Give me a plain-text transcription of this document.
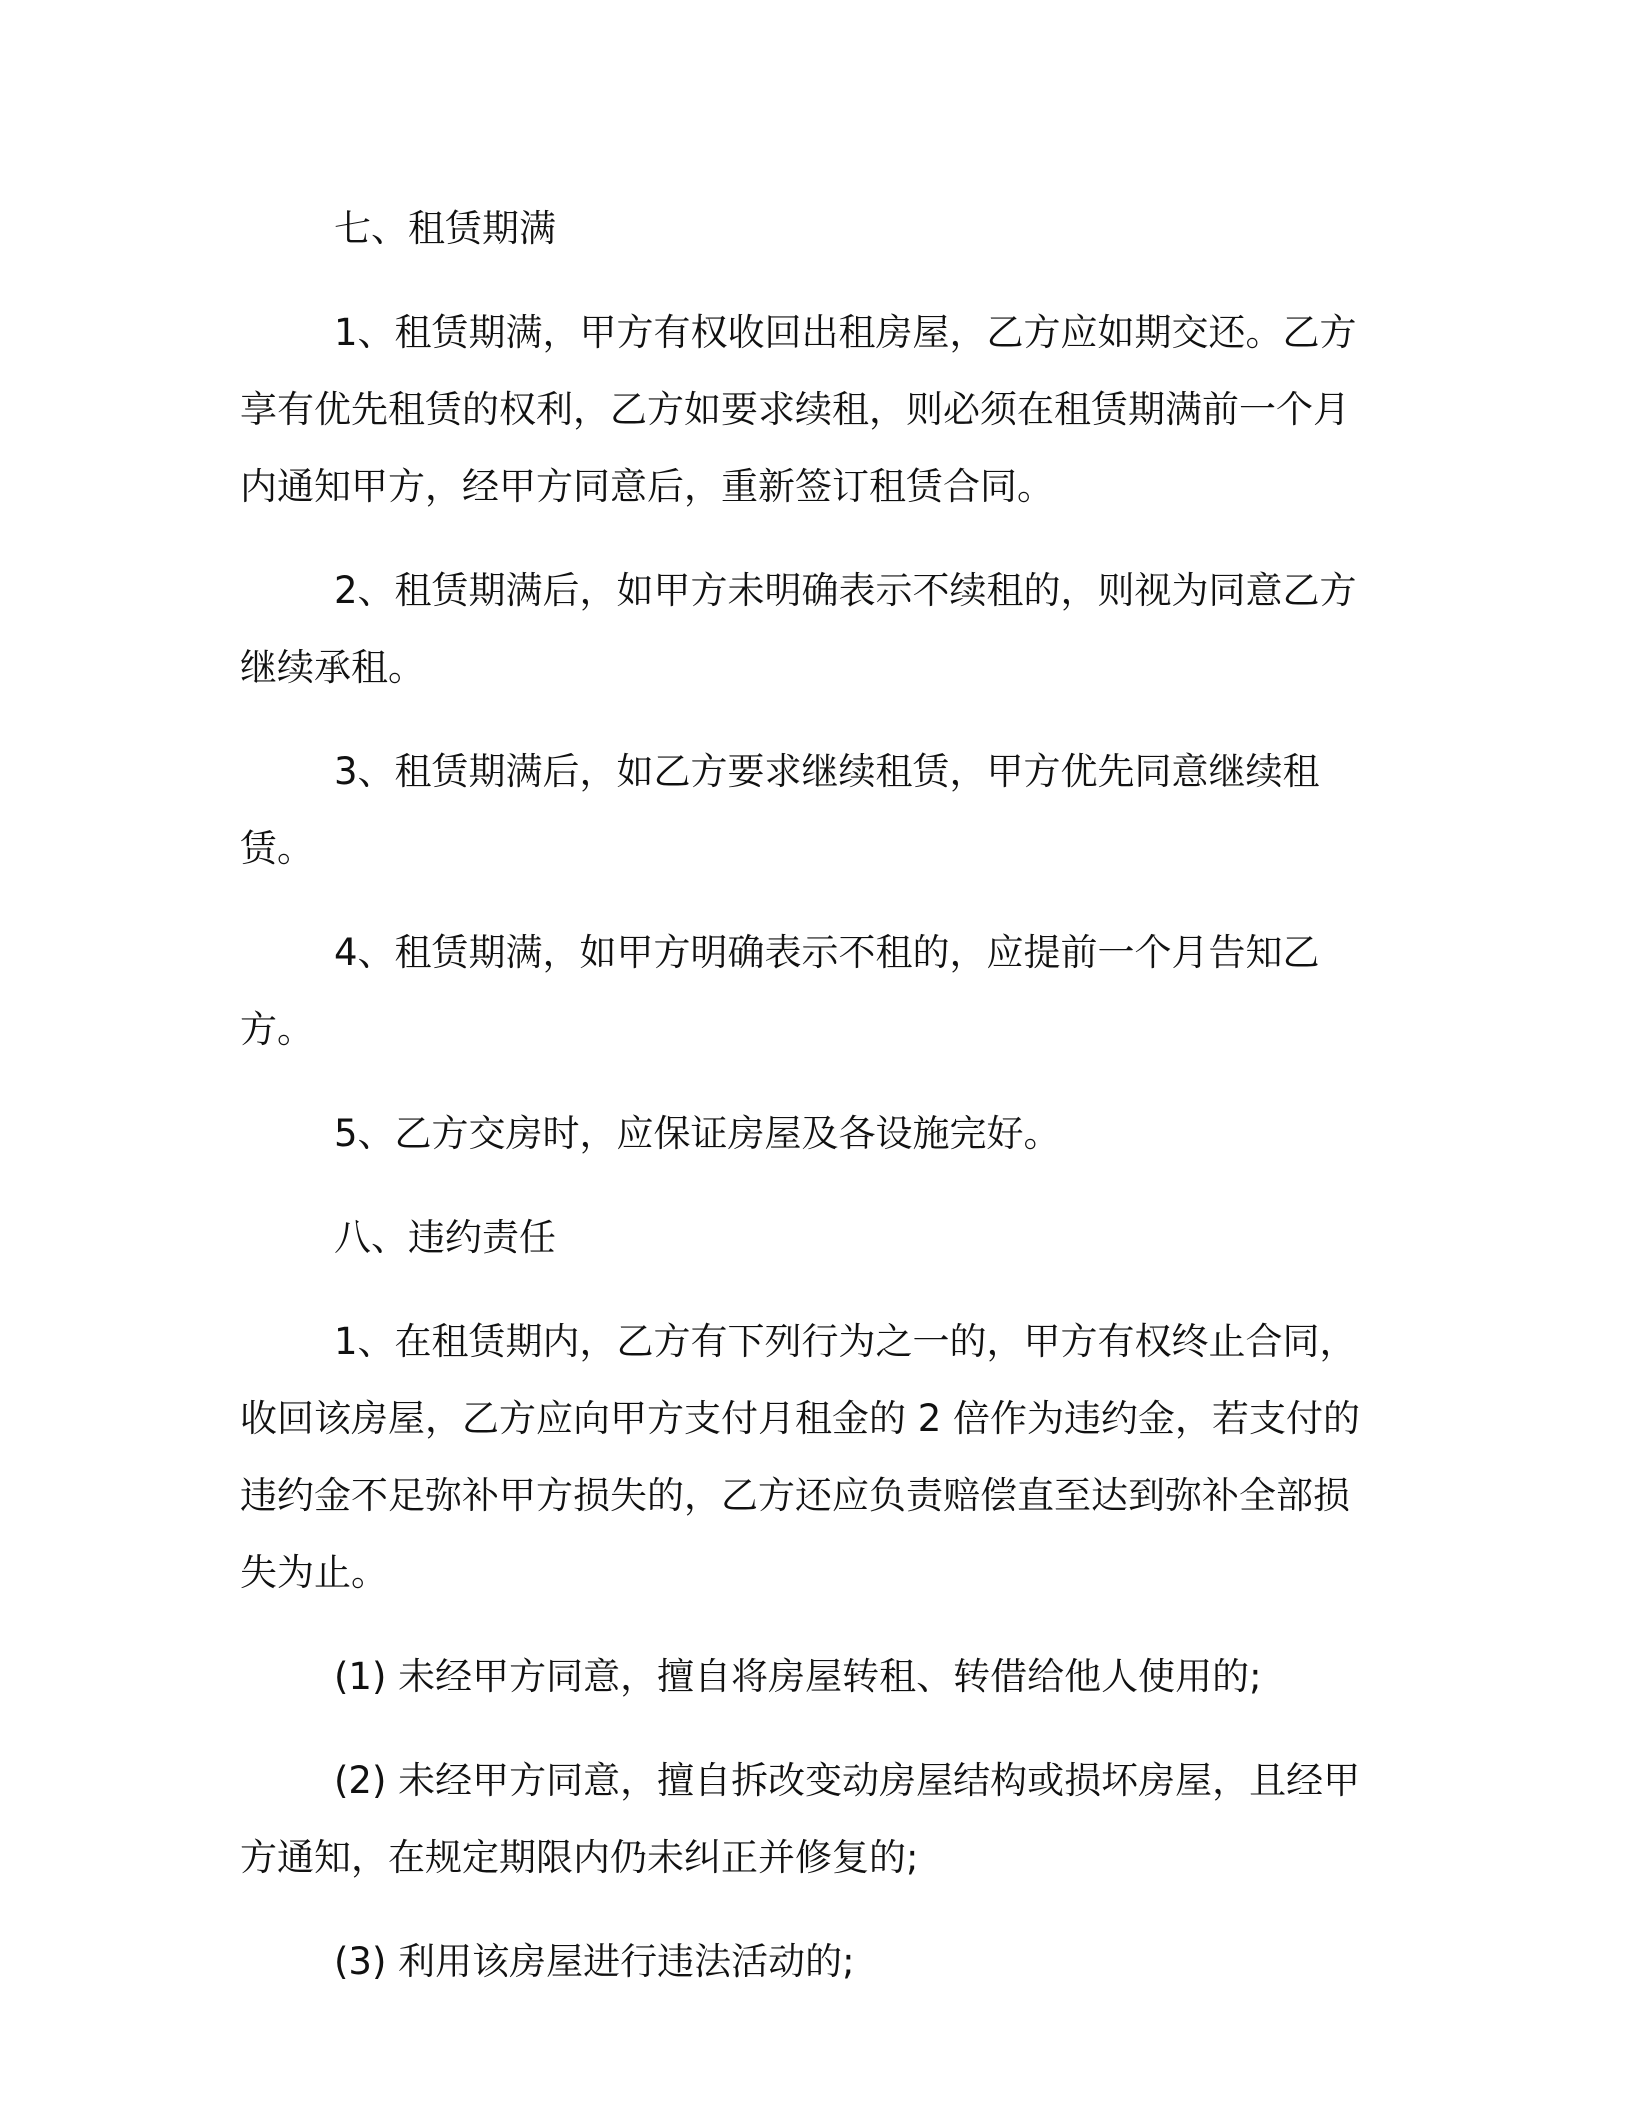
七、租赁期满

1、租赁期满，甲方有权收回出租房屋，乙方应如期交还。乙方享有优先租赁的权利，乙方如要求续租，则必须在租赁期满前一个月内通知甲方，经甲方同意后，重新签订租赁合同。

2、租赁期满后，如甲方未明确表示不续租的，则视为同意乙方继续承租。

3、租赁期满后，如乙方要求继续租赁，甲方优先同意继续租赁。

4、租赁期满，如甲方明确表示不租的，应提前一个月告知乙方。

5、乙方交房时，应保证房屋及各设施完好。

八、违约责任

1、在租赁期内，乙方有下列行为之一的，甲方有权终止合同，收回该房屋，乙方应向甲方支付月租金的 2 倍作为违约金，若支付的违约金不足弥补甲方损失的，乙方还应负责赔偿直至达到弥补全部损失为止。

(1) 未经甲方同意，擅自将房屋转租、转借给他人使用的;

(2) 未经甲方同意，擅自拆改变动房屋结构或损坏房屋，且经甲方通知，在规定期限内仍未纠正并修复的;

(3) 利用该房屋进行违法活动的;
